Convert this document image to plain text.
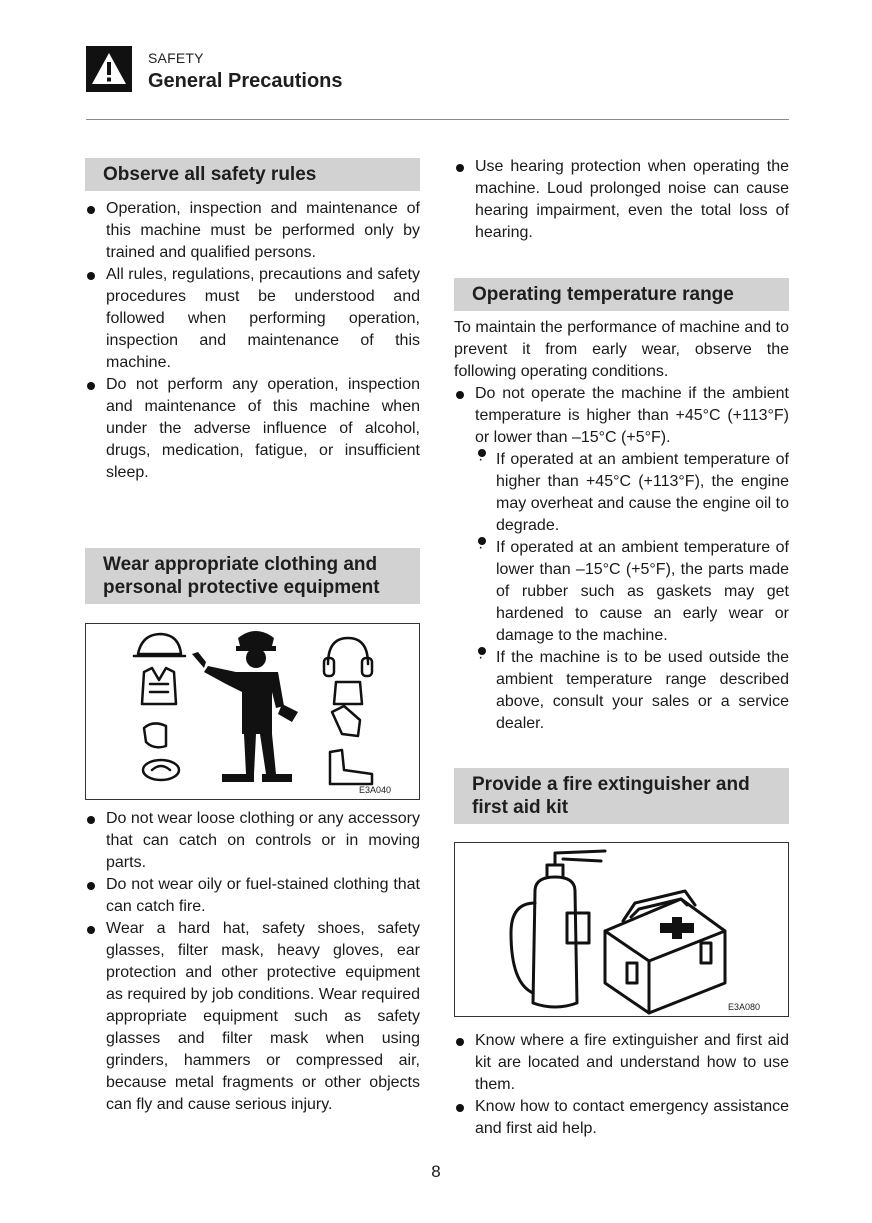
SAFETY
General Precautions
Observe all safety rules
Operation, inspection and maintenance of this machine must be performed only by trained and qualified persons.
All rules, regulations, precautions and safety procedures must be understood and followed when performing operation, inspection and maintenance of this machine.
Do not perform any operation, inspection and maintenance of this machine when under the adverse influence of alcohol, drugs, medication, fatigue, or insufficient sleep.
Wear appropriate clothing and
personal protective equipment
E3A040
Do not wear loose clothing or any accessory that can catch on controls or in moving parts.
Do not wear oily or fuel-stained clothing that can catch fire.
Wear a hard hat, safety shoes, safety glasses, filter mask, heavy gloves, ear protection and other protective equipment as required by job conditions. Wear required appropriate equipment such as safety glasses and filter mask when using grinders, hammers or compressed air, because metal fragments or other objects can fly and cause serious injury.
Use hearing protection when operating the machine. Loud prolonged noise can cause hearing impairment, even the total loss of hearing.
Operating temperature range

To maintain the performance of machine and to prevent it from early wear, observe the following operating conditions.

Do not operate the machine if the ambient temperature is higher than +45°C (+113°F) or lower than –15°C (+5°F).
· If operated at an ambient temperature of higher than +45°C (+113°F), the engine may overheat and cause the engine oil to degrade.
· If operated at an ambient temperature of lower than –15°C (+5°F), the parts made of rubber such as gaskets may get hardened to cause an early wear or damage to the machine.
· If the machine is to be used outside the ambient temperature range described above, consult your sales or a service dealer.
Provide a fire extinguisher and
first aid kit
E3A080
Know where a fire extinguisher and first aid kit are located and understand how to use them.
Know how to contact emergency assistance and first aid help.
8
